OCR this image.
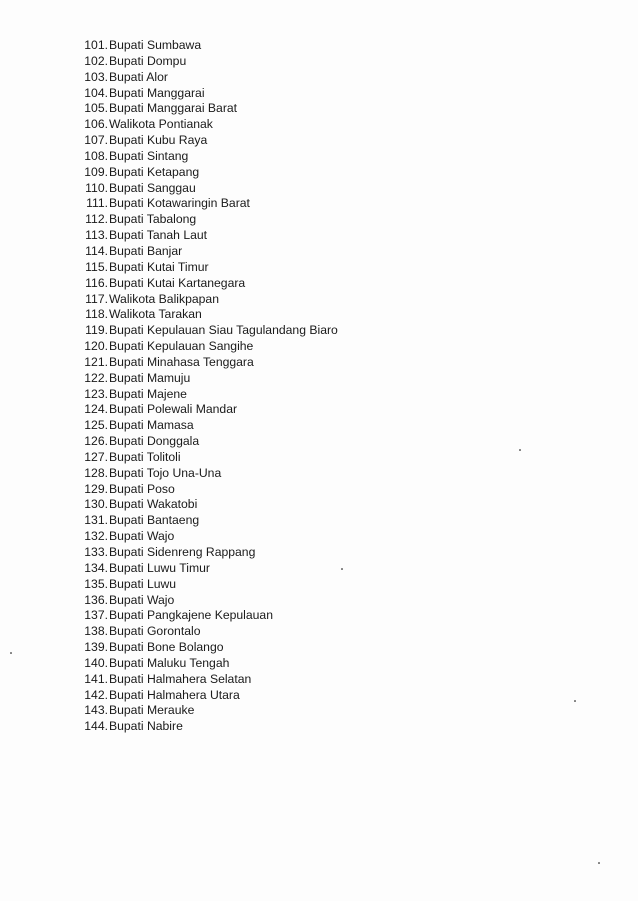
101. Bupati Sumbawa
102. Bupati Dompu
103. Bupati Alor
104. Bupati Manggarai
105. Bupati Manggarai Barat
106. Walikota Pontianak
107. Bupati Kubu Raya
108. Bupati Sintang
109. Bupati Ketapang
110. Bupati Sanggau
111. Bupati Kotawaringin Barat
112. Bupati Tabalong
113. Bupati Tanah Laut
114. Bupati Banjar
115. Bupati Kutai Timur
116. Bupati Kutai Kartanegara
117. Walikota Balikpapan
118. Walikota Tarakan
119. Bupati Kepulauan Siau Tagulandang Biaro
120. Bupati Kepulauan Sangihe
121. Bupati Minahasa Tenggara
122. Bupati Mamuju
123. Bupati Majene
124. Bupati Polewali Mandar
125. Bupati Mamasa
126. Bupati Donggala
127. Bupati Tolitoli
128. Bupati Tojo Una-Una
129. Bupati Poso
130. Bupati Wakatobi
131. Bupati Bantaeng
132. Bupati Wajo
133. Bupati Sidenreng Rappang
134. Bupati Luwu Timur
135. Bupati Luwu
136. Bupati Wajo
137. Bupati Pangkajene Kepulauan
138. Bupati Gorontalo
139. Bupati Bone Bolango
140. Bupati Maluku Tengah
141. Bupati Halmahera Selatan
142. Bupati Halmahera Utara
143. Bupati Merauke
144. Bupati Nabire
